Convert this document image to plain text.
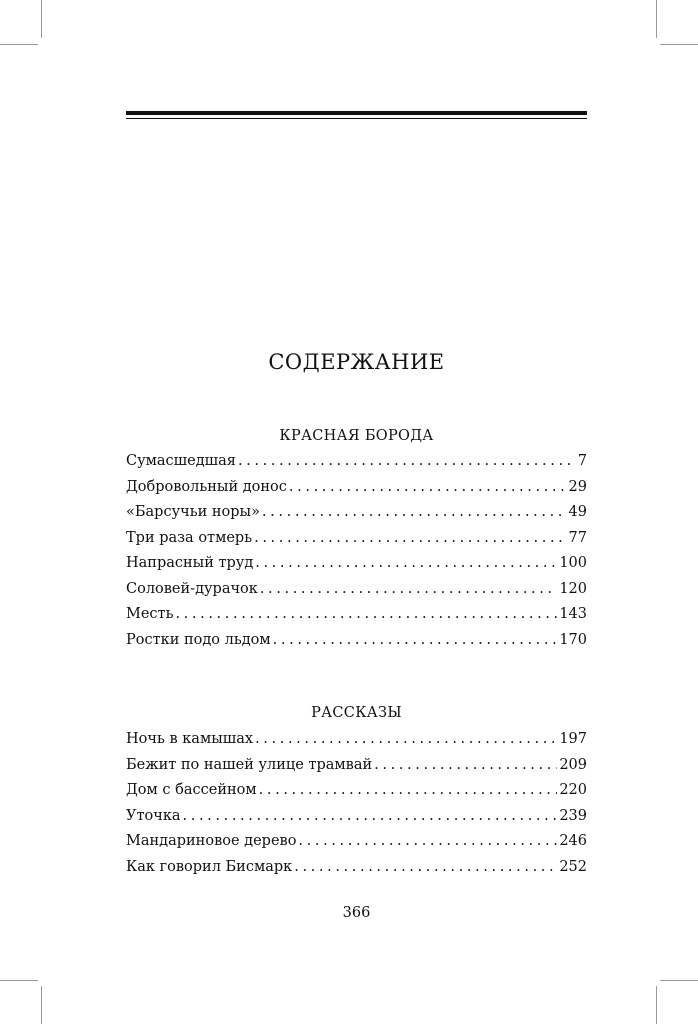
СОДЕРЖАНИЕ
КРАСНАЯ БОРОДА
Сумасшедшая . . .	7
Добровольный донос . . .	29
«Барсучьи норы» . . .	49
Три раза отмерь . . .	77
Напрасный труд . . .	100
Соловей-дурачок . . .	120
Месть . . .	143
Ростки подо льдом . . .	170
РАССКАЗЫ
Ночь в камышах . . .	197
Бежит по нашей улице трамвай . . .	209
Дом с бассейном . . .	220
Уточка . . .	239
Мандариновое дерево . . .	246
Как говорил Бисмарк . . .	252
366
